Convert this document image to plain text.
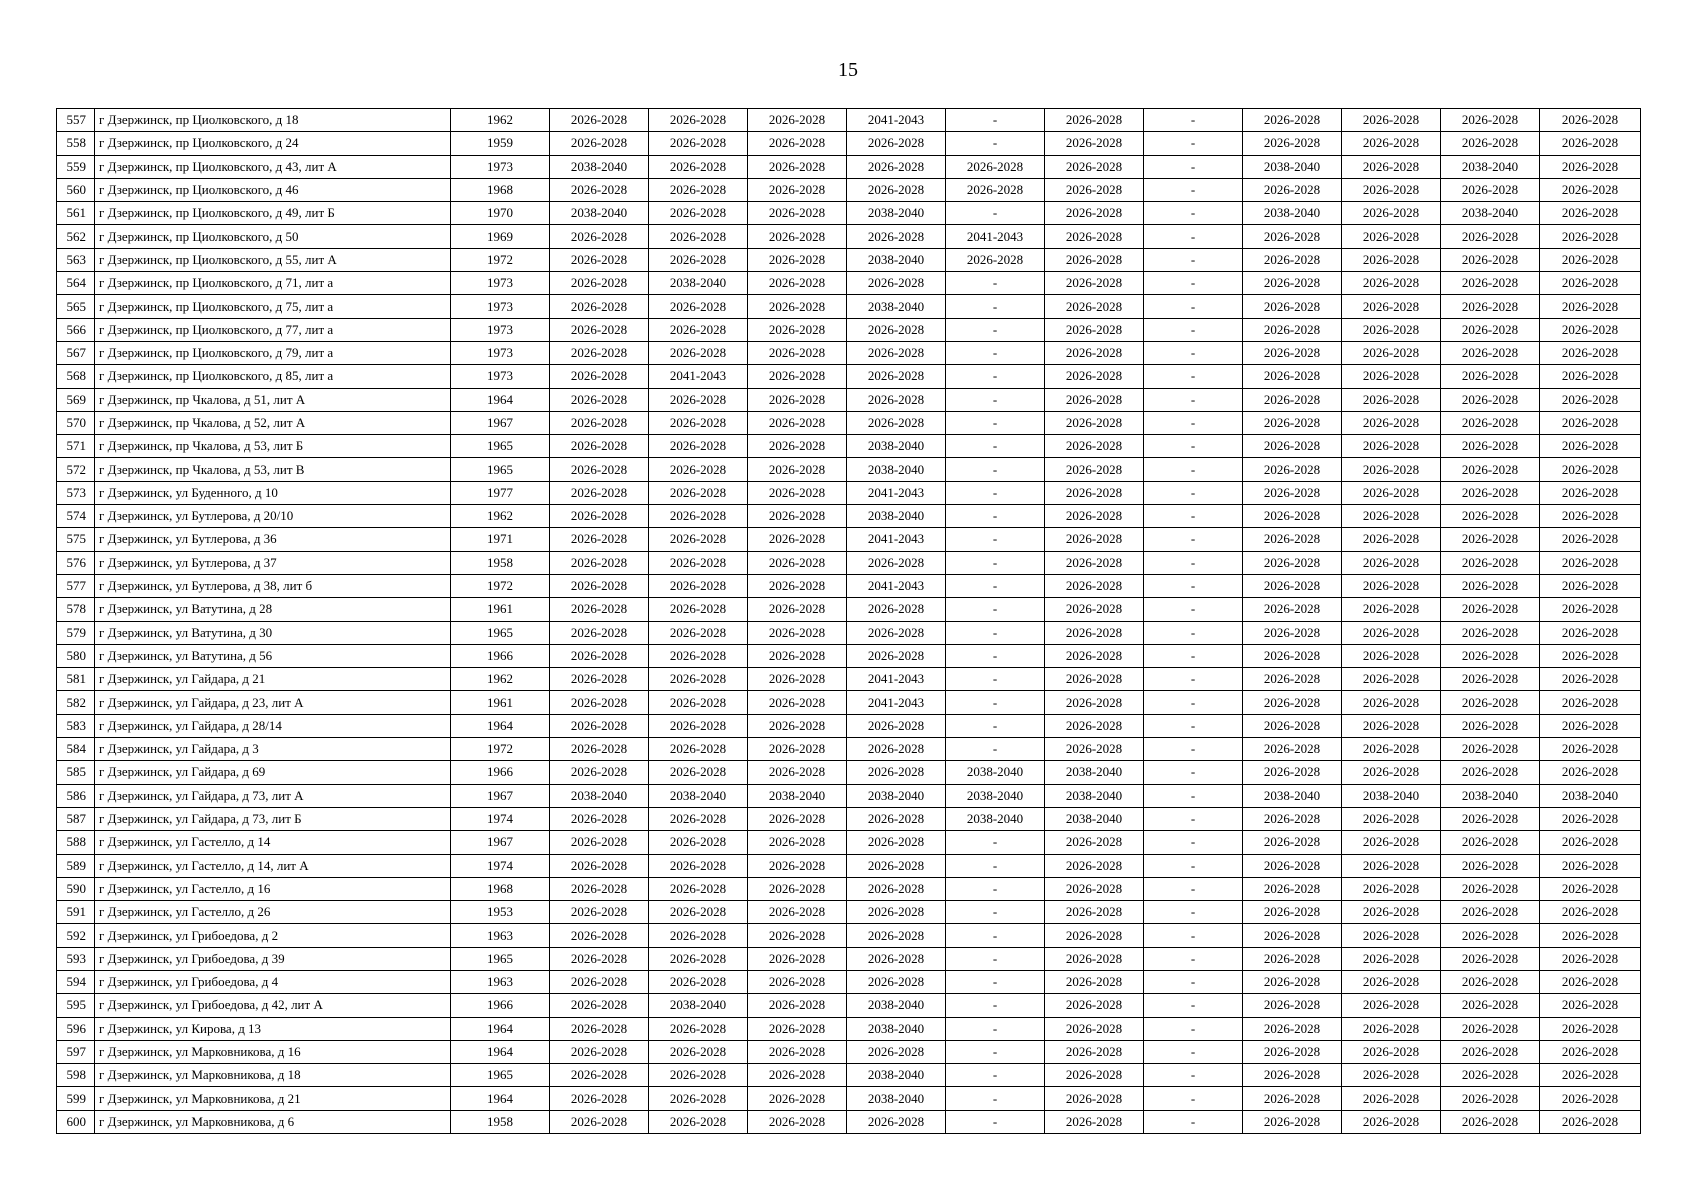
15
557	г Дзержинск, пр Циолковского, д 18	1962	2026-2028	2026-2028	2026-2028	2041-2043	-	2026-2028	-	2026-2028	2026-2028	2026-2028	2026-2028
558	г Дзержинск, пр Циолковского, д 24	1959	2026-2028	2026-2028	2026-2028	2026-2028	-	2026-2028	-	2026-2028	2026-2028	2026-2028	2026-2028
559	г Дзержинск, пр Циолковского, д 43, лит А	1973	2038-2040	2026-2028	2026-2028	2026-2028	2026-2028	2026-2028	-	2038-2040	2026-2028	2038-2040	2026-2028
560	г Дзержинск, пр Циолковского, д 46	1968	2026-2028	2026-2028	2026-2028	2026-2028	2026-2028	2026-2028	-	2026-2028	2026-2028	2026-2028	2026-2028
561	г Дзержинск, пр Циолковского, д 49, лит Б	1970	2038-2040	2026-2028	2026-2028	2038-2040	-	2026-2028	-	2038-2040	2026-2028	2038-2040	2026-2028
562	г Дзержинск, пр Циолковского, д 50	1969	2026-2028	2026-2028	2026-2028	2026-2028	2041-2043	2026-2028	-	2026-2028	2026-2028	2026-2028	2026-2028
563	г Дзержинск, пр Циолковского, д 55, лит А	1972	2026-2028	2026-2028	2026-2028	2038-2040	2026-2028	2026-2028	-	2026-2028	2026-2028	2026-2028	2026-2028
564	г Дзержинск, пр Циолковского, д 71, лит а	1973	2026-2028	2038-2040	2026-2028	2026-2028	-	2026-2028	-	2026-2028	2026-2028	2026-2028	2026-2028
565	г Дзержинск, пр Циолковского, д 75, лит а	1973	2026-2028	2026-2028	2026-2028	2038-2040	-	2026-2028	-	2026-2028	2026-2028	2026-2028	2026-2028
566	г Дзержинск, пр Циолковского, д 77, лит а	1973	2026-2028	2026-2028	2026-2028	2026-2028	-	2026-2028	-	2026-2028	2026-2028	2026-2028	2026-2028
567	г Дзержинск, пр Циолковского, д 79, лит а	1973	2026-2028	2026-2028	2026-2028	2026-2028	-	2026-2028	-	2026-2028	2026-2028	2026-2028	2026-2028
568	г Дзержинск, пр Циолковского, д 85, лит а	1973	2026-2028	2041-2043	2026-2028	2026-2028	-	2026-2028	-	2026-2028	2026-2028	2026-2028	2026-2028
569	г Дзержинск, пр Чкалова, д 51, лит А	1964	2026-2028	2026-2028	2026-2028	2026-2028	-	2026-2028	-	2026-2028	2026-2028	2026-2028	2026-2028
570	г Дзержинск, пр Чкалова, д 52, лит А	1967	2026-2028	2026-2028	2026-2028	2026-2028	-	2026-2028	-	2026-2028	2026-2028	2026-2028	2026-2028
571	г Дзержинск, пр Чкалова, д 53, лит Б	1965	2026-2028	2026-2028	2026-2028	2038-2040	-	2026-2028	-	2026-2028	2026-2028	2026-2028	2026-2028
572	г Дзержинск, пр Чкалова, д 53, лит В	1965	2026-2028	2026-2028	2026-2028	2038-2040	-	2026-2028	-	2026-2028	2026-2028	2026-2028	2026-2028
573	г Дзержинск, ул Буденного, д 10	1977	2026-2028	2026-2028	2026-2028	2041-2043	-	2026-2028	-	2026-2028	2026-2028	2026-2028	2026-2028
574	г Дзержинск, ул Бутлерова, д 20/10	1962	2026-2028	2026-2028	2026-2028	2038-2040	-	2026-2028	-	2026-2028	2026-2028	2026-2028	2026-2028
575	г Дзержинск, ул Бутлерова, д 36	1971	2026-2028	2026-2028	2026-2028	2041-2043	-	2026-2028	-	2026-2028	2026-2028	2026-2028	2026-2028
576	г Дзержинск, ул Бутлерова, д 37	1958	2026-2028	2026-2028	2026-2028	2026-2028	-	2026-2028	-	2026-2028	2026-2028	2026-2028	2026-2028
577	г Дзержинск, ул Бутлерова, д 38, лит б	1972	2026-2028	2026-2028	2026-2028	2041-2043	-	2026-2028	-	2026-2028	2026-2028	2026-2028	2026-2028
578	г Дзержинск, ул Ватутина, д 28	1961	2026-2028	2026-2028	2026-2028	2026-2028	-	2026-2028	-	2026-2028	2026-2028	2026-2028	2026-2028
579	г Дзержинск, ул Ватутина, д 30	1965	2026-2028	2026-2028	2026-2028	2026-2028	-	2026-2028	-	2026-2028	2026-2028	2026-2028	2026-2028
580	г Дзержинск, ул Ватутина, д 56	1966	2026-2028	2026-2028	2026-2028	2026-2028	-	2026-2028	-	2026-2028	2026-2028	2026-2028	2026-2028
581	г Дзержинск, ул Гайдара, д 21	1962	2026-2028	2026-2028	2026-2028	2041-2043	-	2026-2028	-	2026-2028	2026-2028	2026-2028	2026-2028
582	г Дзержинск, ул Гайдара, д 23, лит А	1961	2026-2028	2026-2028	2026-2028	2041-2043	-	2026-2028	-	2026-2028	2026-2028	2026-2028	2026-2028
583	г Дзержинск, ул Гайдара, д 28/14	1964	2026-2028	2026-2028	2026-2028	2026-2028	-	2026-2028	-	2026-2028	2026-2028	2026-2028	2026-2028
584	г Дзержинск, ул Гайдара, д 3	1972	2026-2028	2026-2028	2026-2028	2026-2028	-	2026-2028	-	2026-2028	2026-2028	2026-2028	2026-2028
585	г Дзержинск, ул Гайдара, д 69	1966	2026-2028	2026-2028	2026-2028	2026-2028	2038-2040	2038-2040	-	2026-2028	2026-2028	2026-2028	2026-2028
586	г Дзержинск, ул Гайдара, д 73, лит А	1967	2038-2040	2038-2040	2038-2040	2038-2040	2038-2040	2038-2040	-	2038-2040	2038-2040	2038-2040	2038-2040
587	г Дзержинск, ул Гайдара, д 73, лит Б	1974	2026-2028	2026-2028	2026-2028	2026-2028	2038-2040	2038-2040	-	2026-2028	2026-2028	2026-2028	2026-2028
588	г Дзержинск, ул Гастелло, д 14	1967	2026-2028	2026-2028	2026-2028	2026-2028	-	2026-2028	-	2026-2028	2026-2028	2026-2028	2026-2028
589	г Дзержинск, ул Гастелло, д 14, лит А	1974	2026-2028	2026-2028	2026-2028	2026-2028	-	2026-2028	-	2026-2028	2026-2028	2026-2028	2026-2028
590	г Дзержинск, ул Гастелло, д 16	1968	2026-2028	2026-2028	2026-2028	2026-2028	-	2026-2028	-	2026-2028	2026-2028	2026-2028	2026-2028
591	г Дзержинск, ул Гастелло, д 26	1953	2026-2028	2026-2028	2026-2028	2026-2028	-	2026-2028	-	2026-2028	2026-2028	2026-2028	2026-2028
592	г Дзержинск, ул Грибоедова, д 2	1963	2026-2028	2026-2028	2026-2028	2026-2028	-	2026-2028	-	2026-2028	2026-2028	2026-2028	2026-2028
593	г Дзержинск, ул Грибоедова, д 39	1965	2026-2028	2026-2028	2026-2028	2026-2028	-	2026-2028	-	2026-2028	2026-2028	2026-2028	2026-2028
594	г Дзержинск, ул Грибоедова, д 4	1963	2026-2028	2026-2028	2026-2028	2026-2028	-	2026-2028	-	2026-2028	2026-2028	2026-2028	2026-2028
595	г Дзержинск, ул Грибоедова, д 42, лит А	1966	2026-2028	2038-2040	2026-2028	2038-2040	-	2026-2028	-	2026-2028	2026-2028	2026-2028	2026-2028
596	г Дзержинск, ул Кирова, д 13	1964	2026-2028	2026-2028	2026-2028	2038-2040	-	2026-2028	-	2026-2028	2026-2028	2026-2028	2026-2028
597	г Дзержинск, ул Марковникова, д 16	1964	2026-2028	2026-2028	2026-2028	2026-2028	-	2026-2028	-	2026-2028	2026-2028	2026-2028	2026-2028
598	г Дзержинск, ул Марковникова, д 18	1965	2026-2028	2026-2028	2026-2028	2038-2040	-	2026-2028	-	2026-2028	2026-2028	2026-2028	2026-2028
599	г Дзержинск, ул Марковникова, д 21	1964	2026-2028	2026-2028	2026-2028	2038-2040	-	2026-2028	-	2026-2028	2026-2028	2026-2028	2026-2028
600	г Дзержинск, ул Марковникова, д 6	1958	2026-2028	2026-2028	2026-2028	2026-2028	-	2026-2028	-	2026-2028	2026-2028	2026-2028	2026-2028
